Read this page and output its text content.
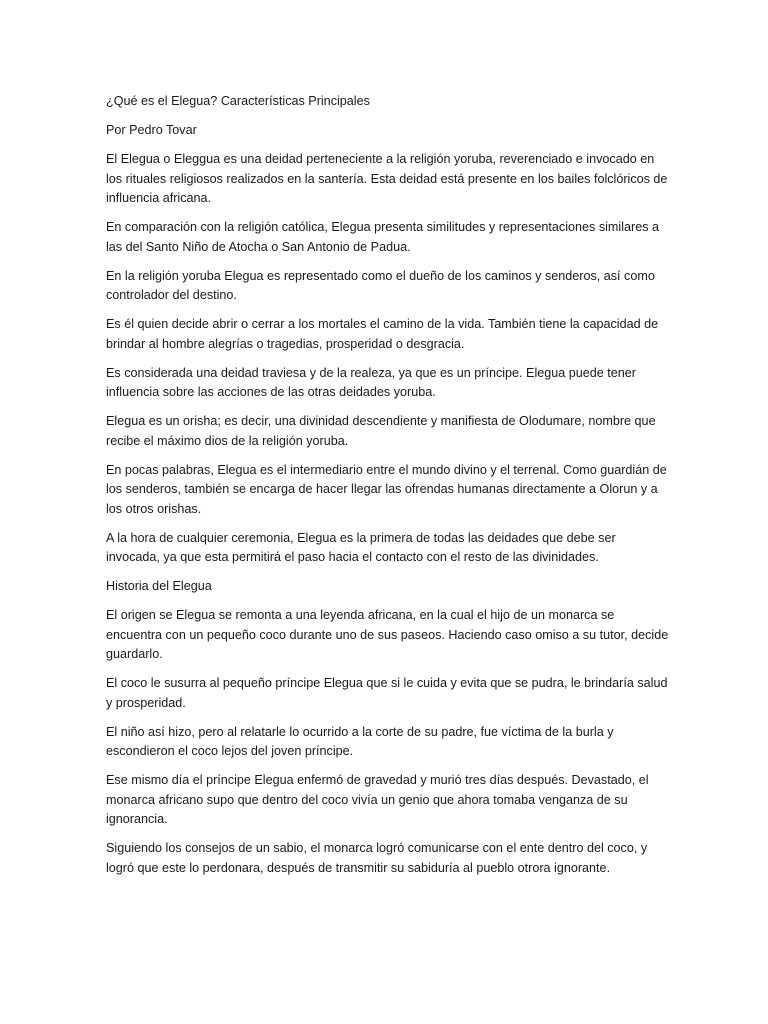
¿Qué es el Elegua? Características Principales

Por Pedro Tovar

El Elegua o Eleggua es una deidad perteneciente a la religión yoruba, reverenciado e invocado en los rituales religiosos realizados en la santería. Esta deidad está presente en los bailes folclóricos de influencia africana.

En comparación con la religión católica, Elegua presenta similitudes y representaciones similares a las del Santo Niño de Atocha o San Antonio de Padua.

En la religión yoruba Elegua es representado como el dueño de los caminos y senderos, así como controlador del destino.

Es él quien decide abrir o cerrar a los mortales el camino de la vida. También tiene la capacidad de brindar al hombre alegrías o tragedias, prosperidad o desgracia.

Es considerada una deidad traviesa y de la realeza, ya que es un príncipe. Elegua puede tener influencia sobre las acciones de las otras deidades yoruba.

Elegua es un orisha; es decir, una divinidad descendiente y manifiesta de Olodumare, nombre que recibe el máximo dios de la religión yoruba.

En pocas palabras, Elegua es el intermediario entre el mundo divino y el terrenal. Como guardián de los senderos, también se encarga de hacer llegar las ofrendas humanas directamente a Olorun y a los otros orishas.

A la hora de cualquier ceremonia, Elegua es la primera de todas las deidades que debe ser invocada, ya que esta permitirá el paso hacia el contacto con el resto de las divinidades.

Historia del Elegua

El origen se Elegua se remonta a una leyenda africana, en la cual el hijo de un monarca se encuentra con un pequeño coco durante uno de sus paseos. Haciendo caso omiso a su tutor, decide guardarlo.

El coco le susurra al pequeño príncipe Elegua que si le cuida y evita que se pudra, le brindaría salud y prosperidad.

El niño así hizo, pero al relatarle lo ocurrido a la corte de su padre, fue víctima de la burla y escondieron el coco lejos del joven príncipe.

Ese mismo día el príncipe Elegua enfermó de gravedad y murió tres días después. Devastado, el monarca africano supo que dentro del coco vivía un genio que ahora tomaba venganza de su ignorancia.

Siguiendo los consejos de un sabio, el monarca logró comunicarse con el ente dentro del coco, y logró que este lo perdonara, después de transmitir su sabiduría al pueblo otrora ignorante.
